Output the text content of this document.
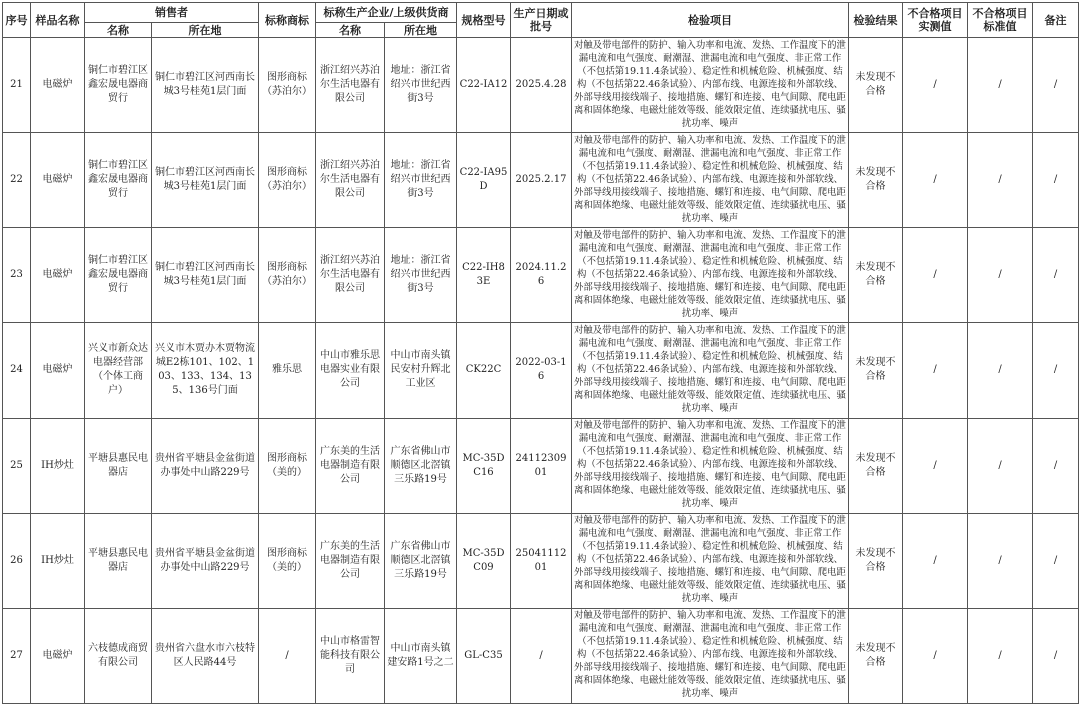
序号	样品名称	销售者		标称商标	标称生产企业/上级供货商		规格型号	生产日期或批号	检验项目	检验结果	不合格项目实测值	不合格项目标准值	备注
		名称	所在地		名称	所在地							
21	电磁炉	铜仁市碧江区鑫宏晟电器商贸行	铜仁市碧江区河西南长城3号桂苑1层门面	图形商标（苏泊尔）	浙江绍兴苏泊尔生活电器有限公司	地址：浙江省绍兴市世纪西街3号	C22-IA12	2025.4.28	对触及带电部件的防护、输入功率和电流、发热、工作温度下的泄漏电流和电气强度、耐潮湿、泄漏电流和电气强度、非正常工作（不包括第19.11.4条试验）、稳定性和机械危险、机械强度、结构（不包括第22.46条试验）、内部布线、电源连接和外部软线、外部导线用接线端子、接地措施、螺钉和连接、电气间隙、爬电距离和固体绝缘、电磁灶能效等级、能效限定值、连续骚扰电压、骚扰功率、噪声	未发现不合格	/	/	/
22	电磁炉	铜仁市碧江区鑫宏晟电器商贸行	铜仁市碧江区河西南长城3号桂苑1层门面	图形商标（苏泊尔）	浙江绍兴苏泊尔生活电器有限公司	地址：浙江省绍兴市世纪西街3号	C22-IA95D	2025.2.17	对触及带电部件的防护、输入功率和电流、发热、工作温度下的泄漏电流和电气强度、耐潮湿、泄漏电流和电气强度、非正常工作（不包括第19.11.4条试验）、稳定性和机械危险、机械强度、结构（不包括第22.46条试验）、内部布线、电源连接和外部软线、外部导线用接线端子、接地措施、螺钉和连接、电气间隙、爬电距离和固体绝缘、电磁灶能效等级、能效限定值、连续骚扰电压、骚扰功率、噪声	未发现不合格	/	/	/
23	电磁炉	铜仁市碧江区鑫宏晟电器商贸行	铜仁市碧江区河西南长城3号桂苑1层门面	图形商标（苏泊尔）	浙江绍兴苏泊尔生活电器有限公司	地址：浙江省绍兴市世纪西街3号	C22-IH83E	2024.11.26	对触及带电部件的防护、输入功率和电流、发热、工作温度下的泄漏电流和电气强度、耐潮湿、泄漏电流和电气强度、非正常工作（不包括第19.11.4条试验）、稳定性和机械危险、机械强度、结构（不包括第22.46条试验）、内部布线、电源连接和外部软线、外部导线用接线端子、接地措施、螺钉和连接、电气间隙、爬电距离和固体绝缘、电磁灶能效等级、能效限定值、连续骚扰电压、骚扰功率、噪声	未发现不合格	/	/	/
24	电磁炉	兴义市新众达电器经营部（个体工商户）	兴义市木贾办木贾物流城E2栋101、102、103、133、134、135、136号门面	雅乐思	中山市雅乐思电器实业有限公司	中山市南头镇民安村升辉北工业区	CK22C	2022-03-16	对触及带电部件的防护、输入功率和电流、发热、工作温度下的泄漏电流和电气强度、耐潮湿、泄漏电流和电气强度、非正常工作（不包括第19.11.4条试验）、稳定性和机械危险、机械强度、结构（不包括第22.46条试验）、内部布线、电源连接和外部软线、外部导线用接线端子、接地措施、螺钉和连接、电气间隙、爬电距离和固体绝缘、电磁灶能效等级、能效限定值、连续骚扰电压、骚扰功率、噪声	未发现不合格	/	/	/
25	IH炒灶	平塘县惠民电器店	贵州省平塘县金盆街道办事处中山路229号	图形商标（美的）	广东美的生活电器制造有限公司	广东省佛山市顺德区北滘镇三乐路19号	MC-35DC16	2411230901	对触及带电部件的防护、输入功率和电流、发热、工作温度下的泄漏电流和电气强度、耐潮湿、泄漏电流和电气强度、非正常工作（不包括第19.11.4条试验）、稳定性和机械危险、机械强度、结构（不包括第22.46条试验）、内部布线、电源连接和外部软线、外部导线用接线端子、接地措施、螺钉和连接、电气间隙、爬电距离和固体绝缘、电磁灶能效等级、能效限定值、连续骚扰电压、骚扰功率、噪声	未发现不合格	/	/	/
26	IH炒灶	平塘县惠民电器店	贵州省平塘县金盆街道办事处中山路229号	图形商标（美的）	广东美的生活电器制造有限公司	广东省佛山市顺德区北滘镇三乐路19号	MC-35DC09	2504111201	对触及带电部件的防护、输入功率和电流、发热、工作温度下的泄漏电流和电气强度、耐潮湿、泄漏电流和电气强度、非正常工作（不包括第19.11.4条试验）、稳定性和机械危险、机械强度、结构（不包括第22.46条试验）、内部布线、电源连接和外部软线、外部导线用接线端子、接地措施、螺钉和连接、电气间隙、爬电距离和固体绝缘、电磁灶能效等级、能效限定值、连续骚扰电压、骚扰功率、噪声	未发现不合格	/	/	/
27	电磁炉	六枝德成商贸有限公司	贵州省六盘水市六枝特区人民路44号	/	中山市格雷智能科技有限公司	中山市南头镇建安路1号之二	GL-C35	/	对触及带电部件的防护、输入功率和电流、发热、工作温度下的泄漏电流和电气强度、耐潮湿、泄漏电流和电气强度、非正常工作（不包括第19.11.4条试验）、稳定性和机械危险、机械强度、结构（不包括第22.46条试验）、内部布线、电源连接和外部软线、外部导线用接线端子、接地措施、螺钉和连接、电气间隙、爬电距离和固体绝缘、电磁灶能效等级、能效限定值、连续骚扰电压、骚扰功率、噪声	未发现不合格	/	/	/
